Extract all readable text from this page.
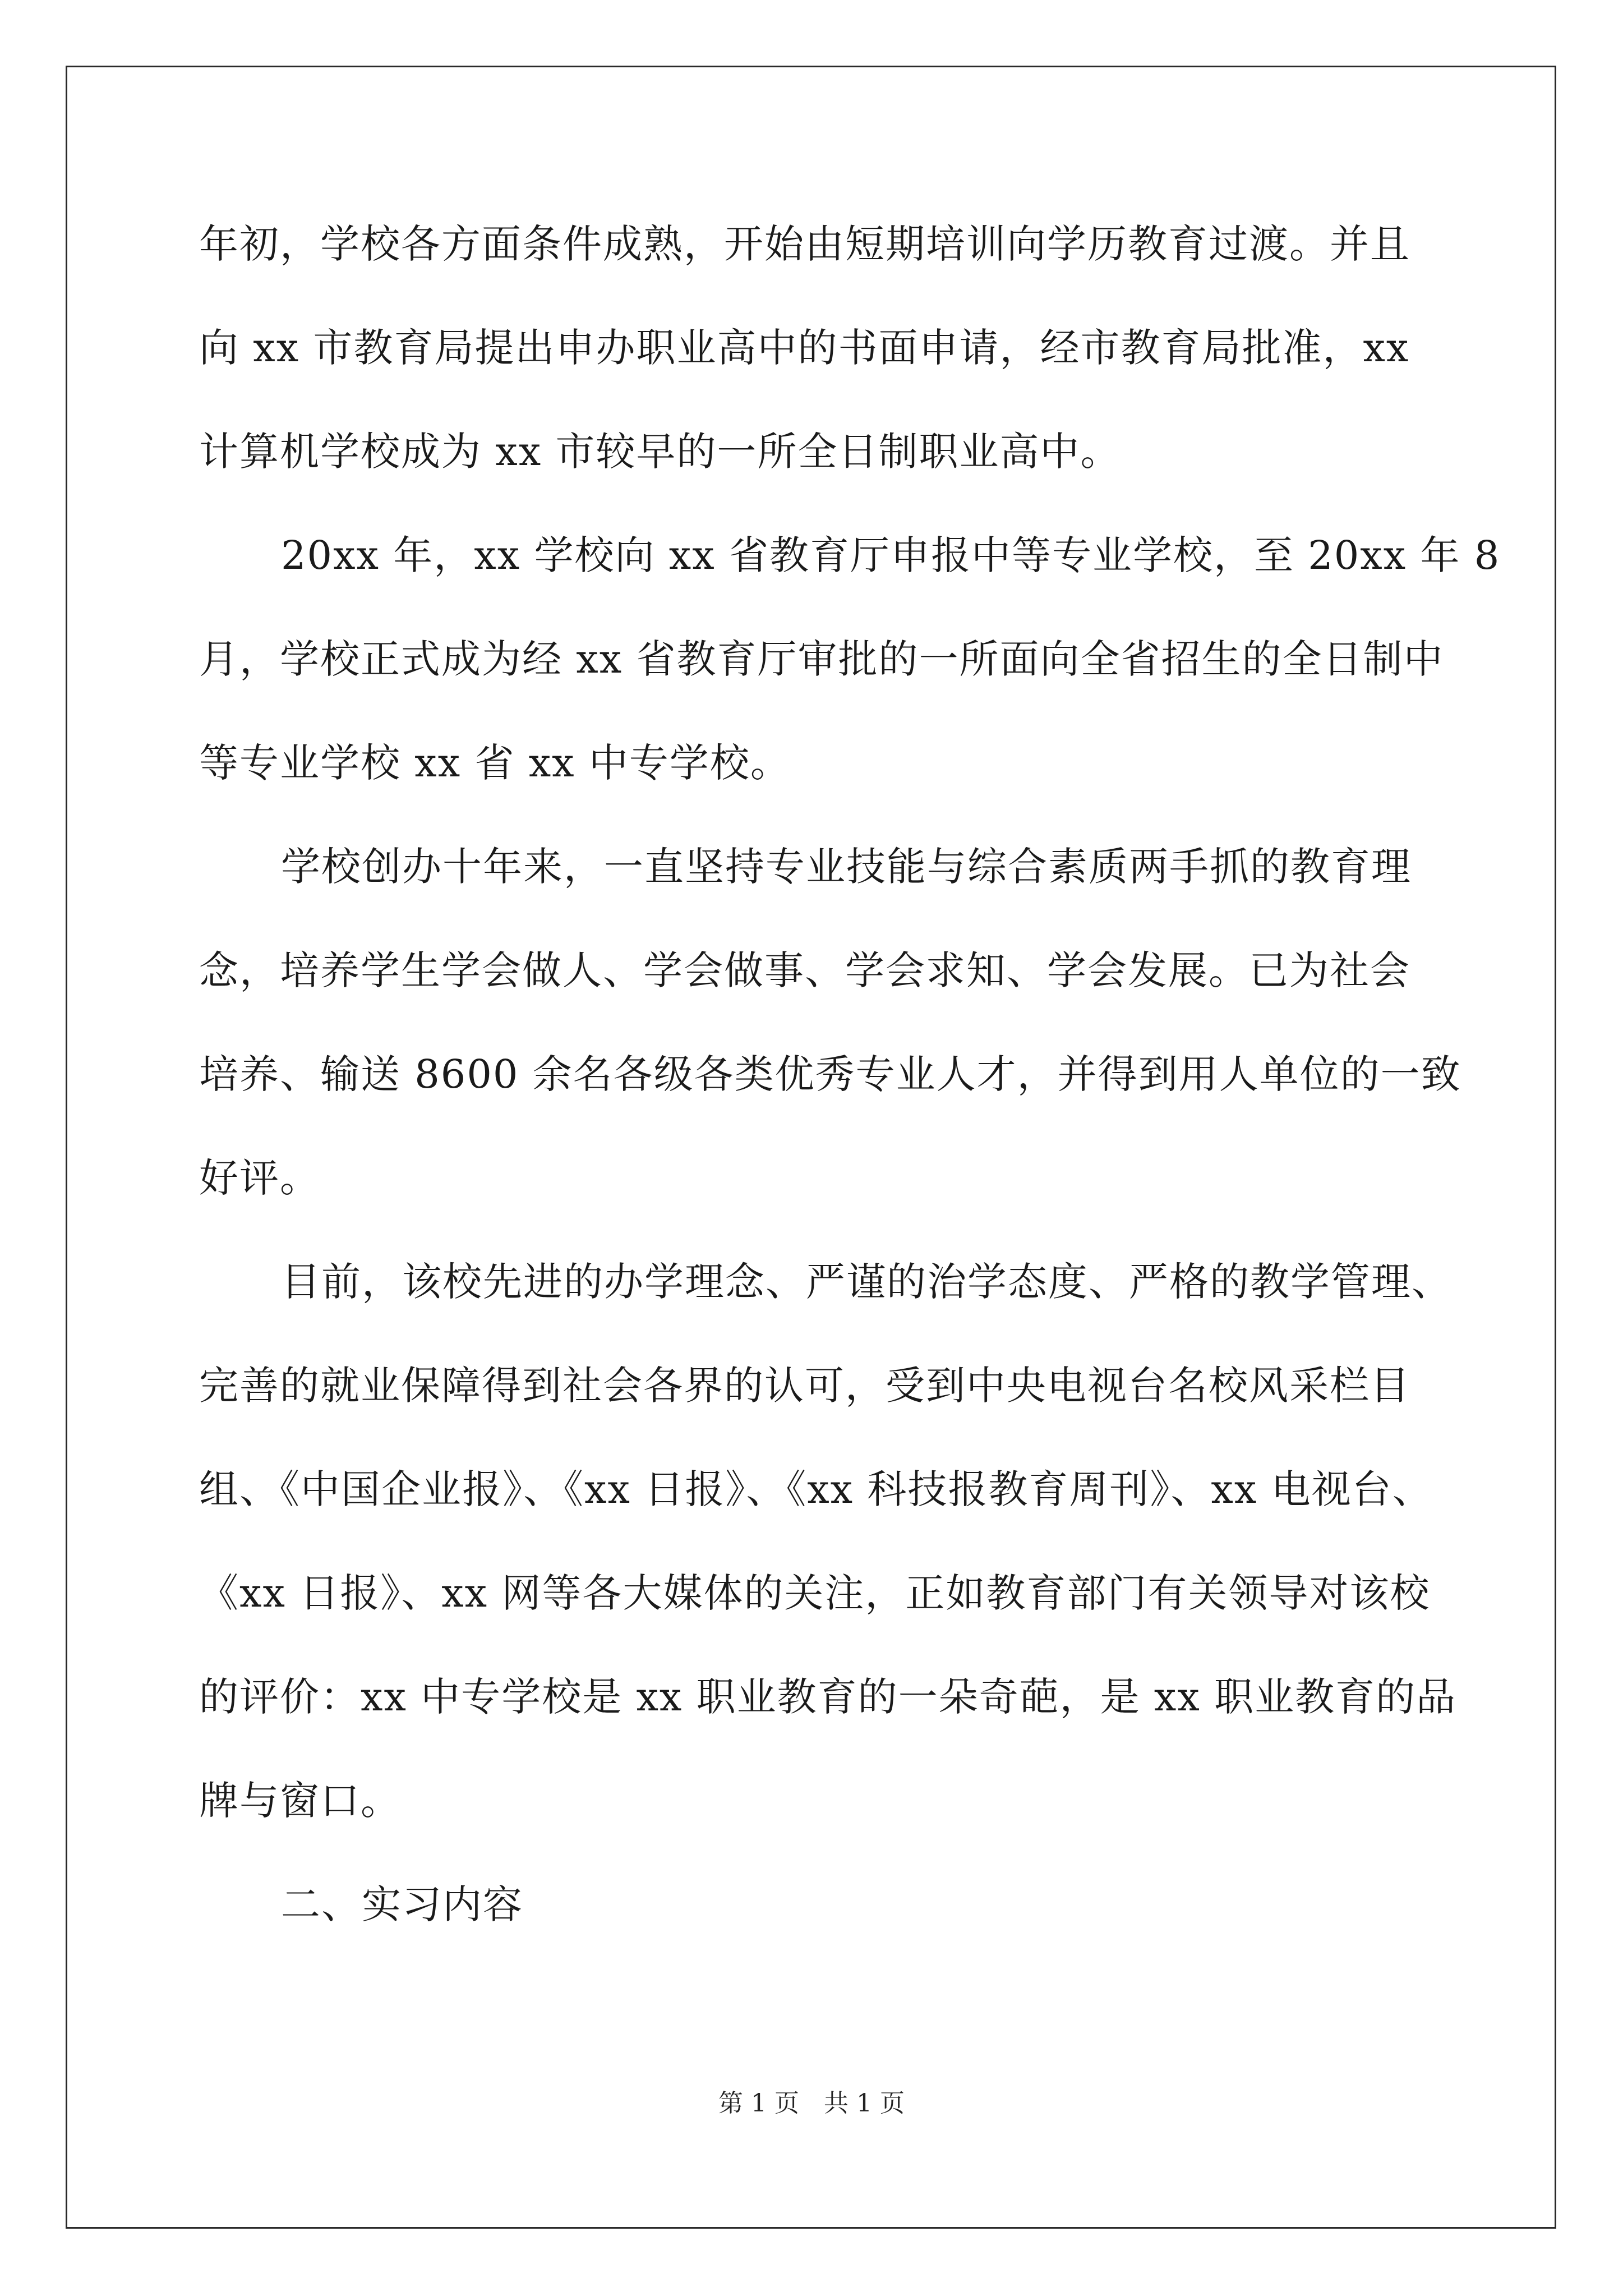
年初，学校各方面条件成熟，开始由短期培训向学历教育过渡。并且
向 xx 市教育局提出申办职业高中的书面申请，经市教育局批准，xx
计算机学校成为 xx 市较早的一所全日制职业高中。
20xx 年，xx 学校向 xx 省教育厅申报中等专业学校，至 20xx 年 8
月，学校正式成为经 xx 省教育厅审批的一所面向全省招生的全日制中
等专业学校 xx 省 xx 中专学校。
学校创办十年来，一直坚持专业技能与综合素质两手抓的教育理
念，培养学生学会做人、学会做事、学会求知、学会发展。已为社会
培养、输送 8600 余名各级各类优秀专业人才，并得到用人单位的一致
好评。
目前，该校先进的办学理念、严谨的治学态度、严格的教学管理、
完善的就业保障得到社会各界的认可，受到中央电视台名校风采栏目
组、《中国企业报》、《xx 日报》、《xx 科技报教育周刊》、xx 电视台、
《xx 日报》、xx 网等各大媒体的关注，正如教育部门有关领导对该校
的评价：xx 中专学校是 xx 职业教育的一朵奇葩，是 xx 职业教育的品
牌与窗口。
二、实习内容
第 1 页　共 1 页
